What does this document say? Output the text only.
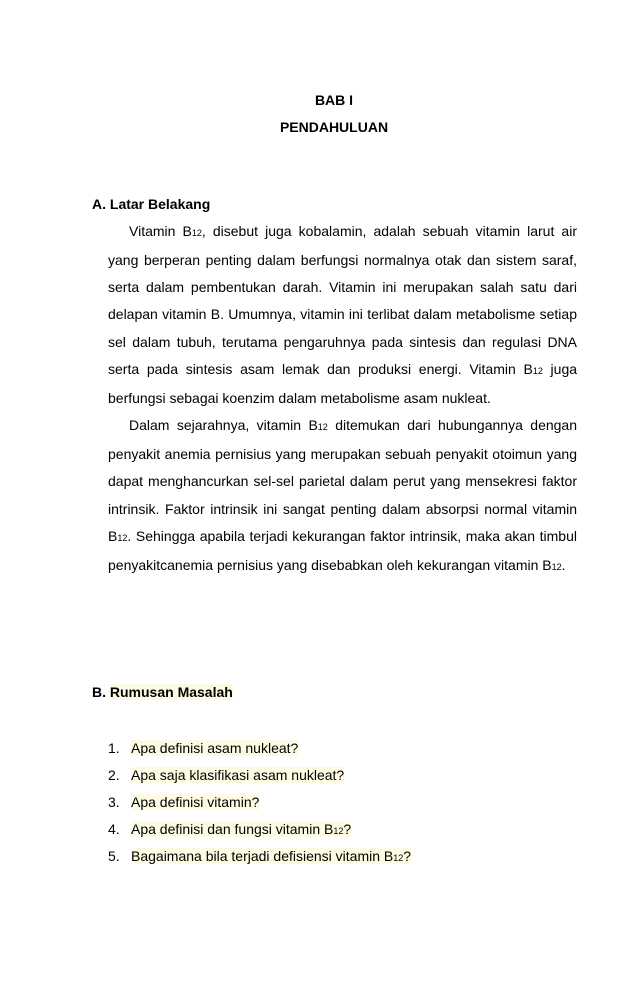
BAB I
PENDAHULUAN
A. Latar Belakang

Vitamin B12, disebut juga kobalamin, adalah sebuah vitamin larut air yang berperan penting dalam berfungsi normalnya otak dan sistem saraf, serta dalam pembentukan darah. Vitamin ini merupakan salah satu dari delapan vitamin B. Umumnya, vitamin ini terlibat dalam metabolisme setiap sel dalam tubuh, terutama pengaruhnya pada sintesis dan regulasi DNA serta pada sintesis asam lemak dan produksi energi. Vitamin B12 juga berfungsi sebagai koenzim dalam metabolisme asam nukleat.

Dalam sejarahnya, vitamin B12 ditemukan dari hubungannya dengan penyakit anemia pernisius yang merupakan sebuah penyakit otoimun yang dapat menghancurkan sel-sel parietal dalam perut yang mensekresi faktor intrinsik. Faktor intrinsik ini sangat penting dalam absorpsi normal vitamin B12. Sehingga apabila terjadi kekurangan faktor intrinsik, maka akan timbul penyakitcanemia pernisius yang disebabkan oleh kekurangan vitamin B12.

B. Rumusan Masalah
1. Apa definisi asam nukleat?
2. Apa saja klasifikasi asam nukleat?
3. Apa definisi vitamin?
4. Apa definisi dan fungsi vitamin B12?
5. Bagaimana bila terjadi defisiensi vitamin B12?
